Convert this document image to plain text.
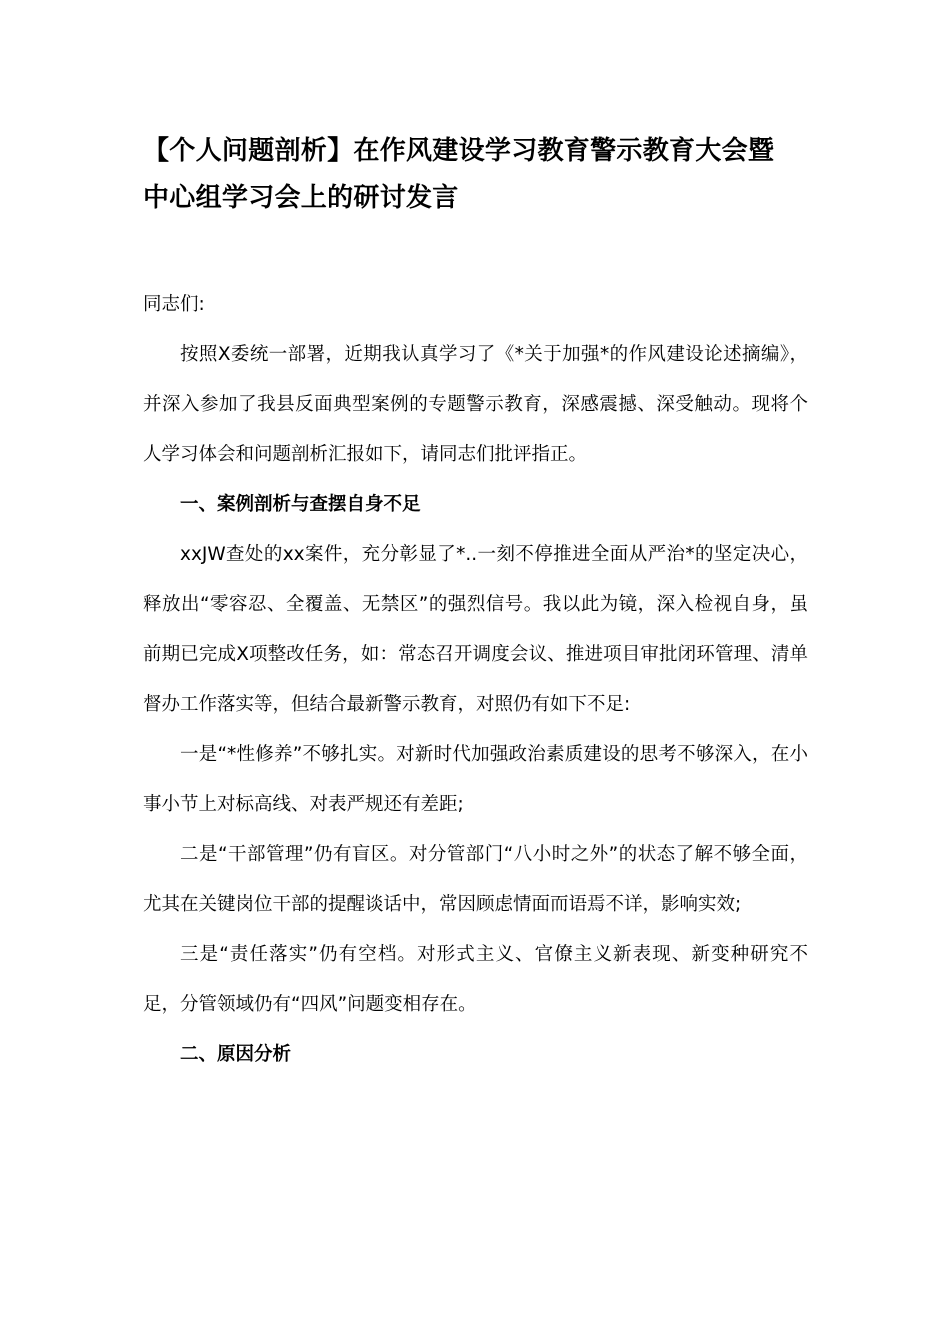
【个人问题剖析】在作风建设学习教育警示教育大会暨
中心组学习会上的研讨发言

同志们:

按照X委统一部署，近期我认真学习了《*关于加强*的作风建设论述摘编》，并深入参加了我县反面典型案例的专题警示教育，深感震撼、深受触动。现将个人学习体会和问题剖析汇报如下，请同志们批评指正。

一、案例剖析与查摆自身不足

xxJW查处的xx案件，充分彰显了*..一刻不停推进全面从严治*的坚定决心，释放出“零容忍、全覆盖、无禁区”的强烈信号。我以此为镜，深入检视自身，虽前期已完成X项整改任务，如：常态召开调度会议、推进项目审批闭环管理、清单督办工作落实等，但结合最新警示教育，对照仍有如下不足:

一是“*性修养”不够扎实。对新时代加强政治素质建设的思考不够深入，在小事小节上对标高线、对表严规还有差距;

二是“干部管理”仍有盲区。对分管部门“八小时之外”的状态了解不够全面，尤其在关键岗位干部的提醒谈话中，常因顾虑情面而语焉不详，影响实效;

三是“责任落实”仍有空档。对形式主义、官僚主义新表现、新变种研究不足，分管领域仍有“四风”问题变相存在。

二、原因分析
